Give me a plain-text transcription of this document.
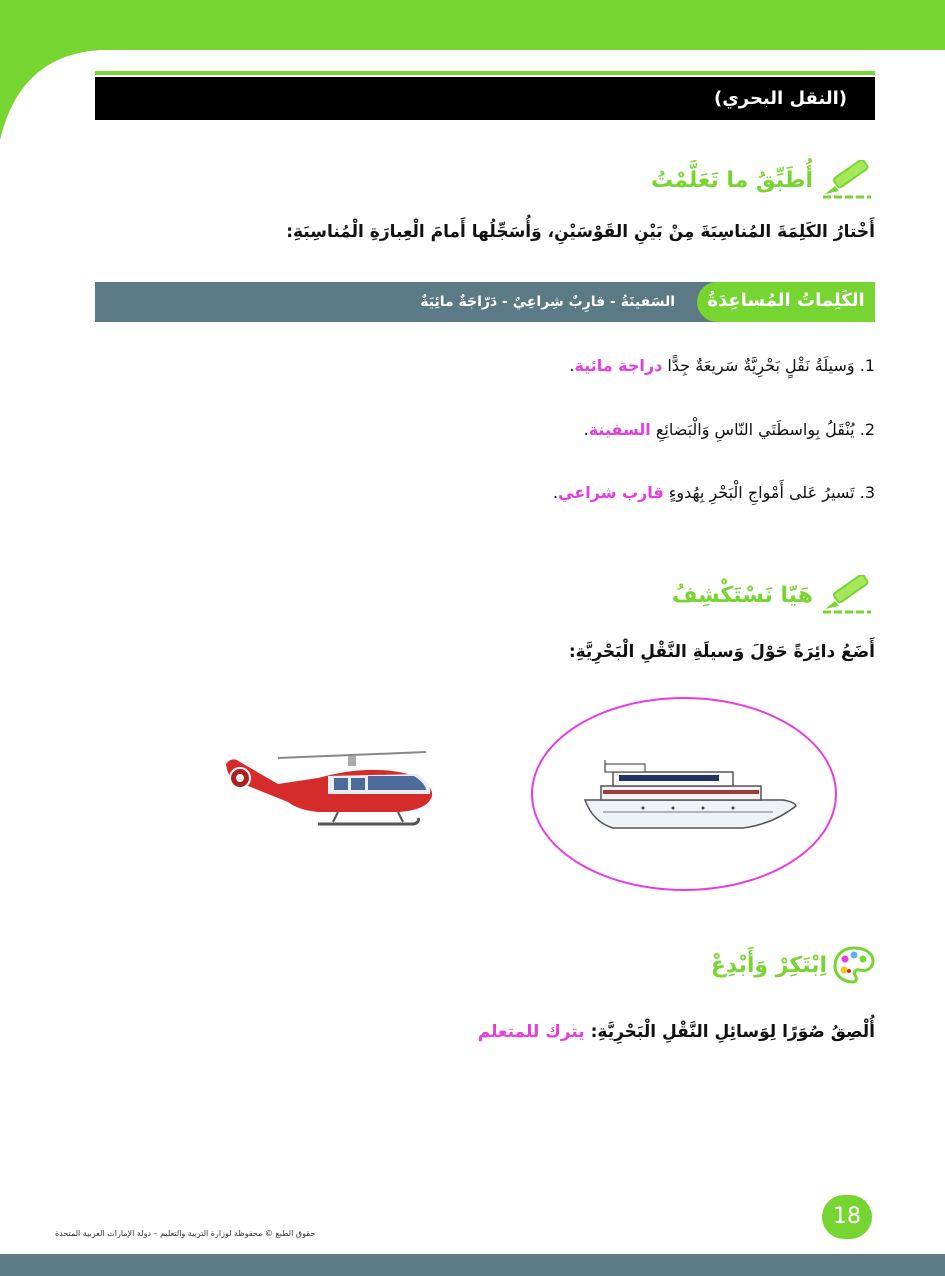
(النقل البحري)
أُطَبِّقُ ما تَعَلَّمْتُ
أَخْتارُ الكَلِمَةَ المُناسِبَةَ مِنْ بَيْنِ القَوْسَيْنِ، وَأُسَجِّلُها أَمامَ الْعِبارَةِ الْمُناسِبَةِ:
الكَلِماتُ المُساعِدَةُ
السَفينَةُ - قارِبٌ شِراعِيٌ - دَرّاجَةٌ مائِيَةٌ
1. وَسيلَةُ نَقْلٍ بَحْرِيَّةٌ سَريعَةٌ جِدًّا دراجة مائية.
2. يُنْقَلُ بِواسطَتَي النّاسِ وَالْبَضائِعِ السفينة.
3. تَسيرُ عَلى أَمْواجِ الْبَحْرِ بِهُدوءٍ قارب شراعي.
هَيّا نَسْتَكْشِفُ
أَضَعُ دائِرَةً حَوْلَ وَسيلَةِ النَّقْلِ الْبَحْرِيَّةِ:
اِبْتَكِرْ وَأَبْدِعْ
أُلْصِقُ صُوَرًا لِوَسائِلِ النَّقْلِ الْبَحْرِيَّةِ: يترك للمتعلم
18
حقوق الطبع © محفوظة لوزارة التربية والتعليم – دولة الإمارات العربية المتحدة
